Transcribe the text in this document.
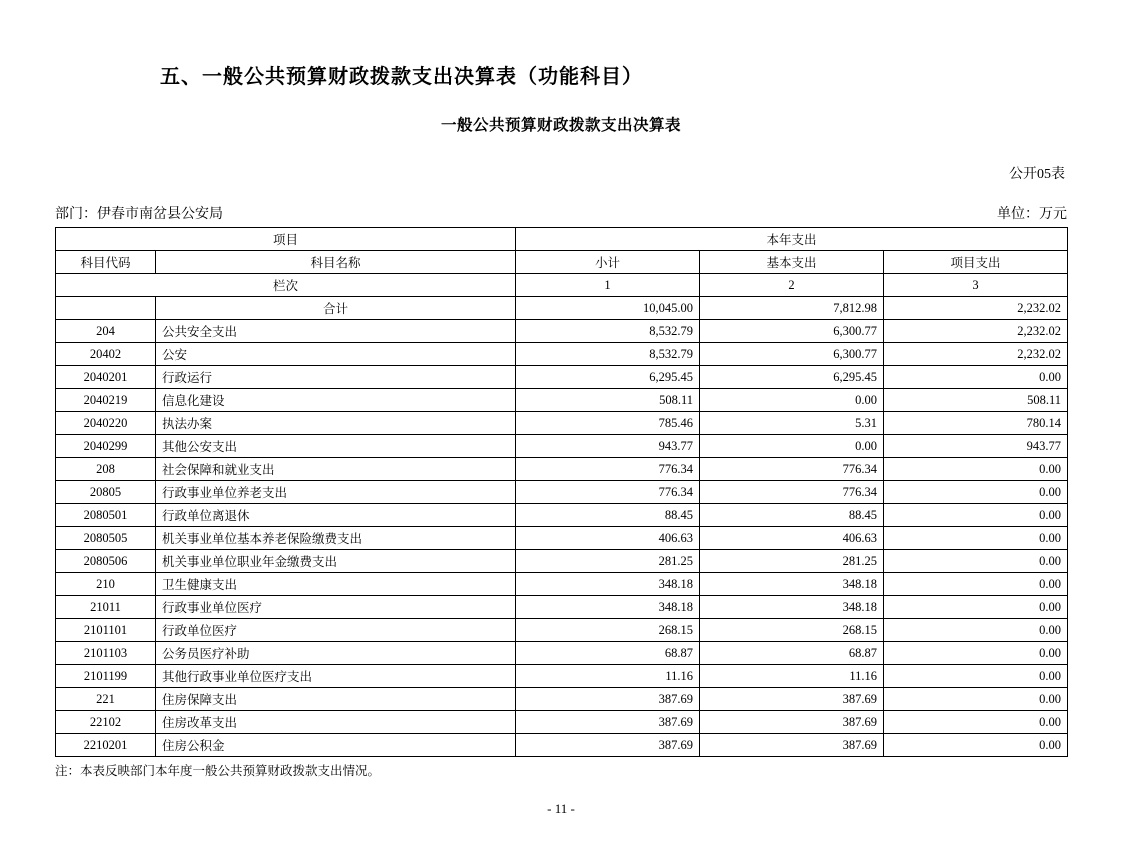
五、一般公共预算财政拨款支出决算表（功能科目）
一般公共预算财政拨款支出决算表
公开05表
部门：伊春市南岔县公安局	单位：万元
项目		本年支出		
科目代码	科目名称	小计	基本支出	项目支出
栏次		1	2	3
	合计	10,045.00	7,812.98	2,232.02
204	公共安全支出	8,532.79	6,300.77	2,232.02
20402	公安	8,532.79	6,300.77	2,232.02
2040201	行政运行	6,295.45	6,295.45	0.00
2040219	信息化建设	508.11	0.00	508.11
2040220	执法办案	785.46	5.31	780.14
2040299	其他公安支出	943.77	0.00	943.77
208	社会保障和就业支出	776.34	776.34	0.00
20805	行政事业单位养老支出	776.34	776.34	0.00
2080501	行政单位离退休	88.45	88.45	0.00
2080505	机关事业单位基本养老保险缴费支出	406.63	406.63	0.00
2080506	机关事业单位职业年金缴费支出	281.25	281.25	0.00
210	卫生健康支出	348.18	348.18	0.00
21011	行政事业单位医疗	348.18	348.18	0.00
2101101	行政单位医疗	268.15	268.15	0.00
2101103	公务员医疗补助	68.87	68.87	0.00
2101199	其他行政事业单位医疗支出	11.16	11.16	0.00
221	住房保障支出	387.69	387.69	0.00
22102	住房改革支出	387.69	387.69	0.00
2210201	住房公积金	387.69	387.69	0.00
注：本表反映部门本年度一般公共预算财政拨款支出情况。
- 11 -
